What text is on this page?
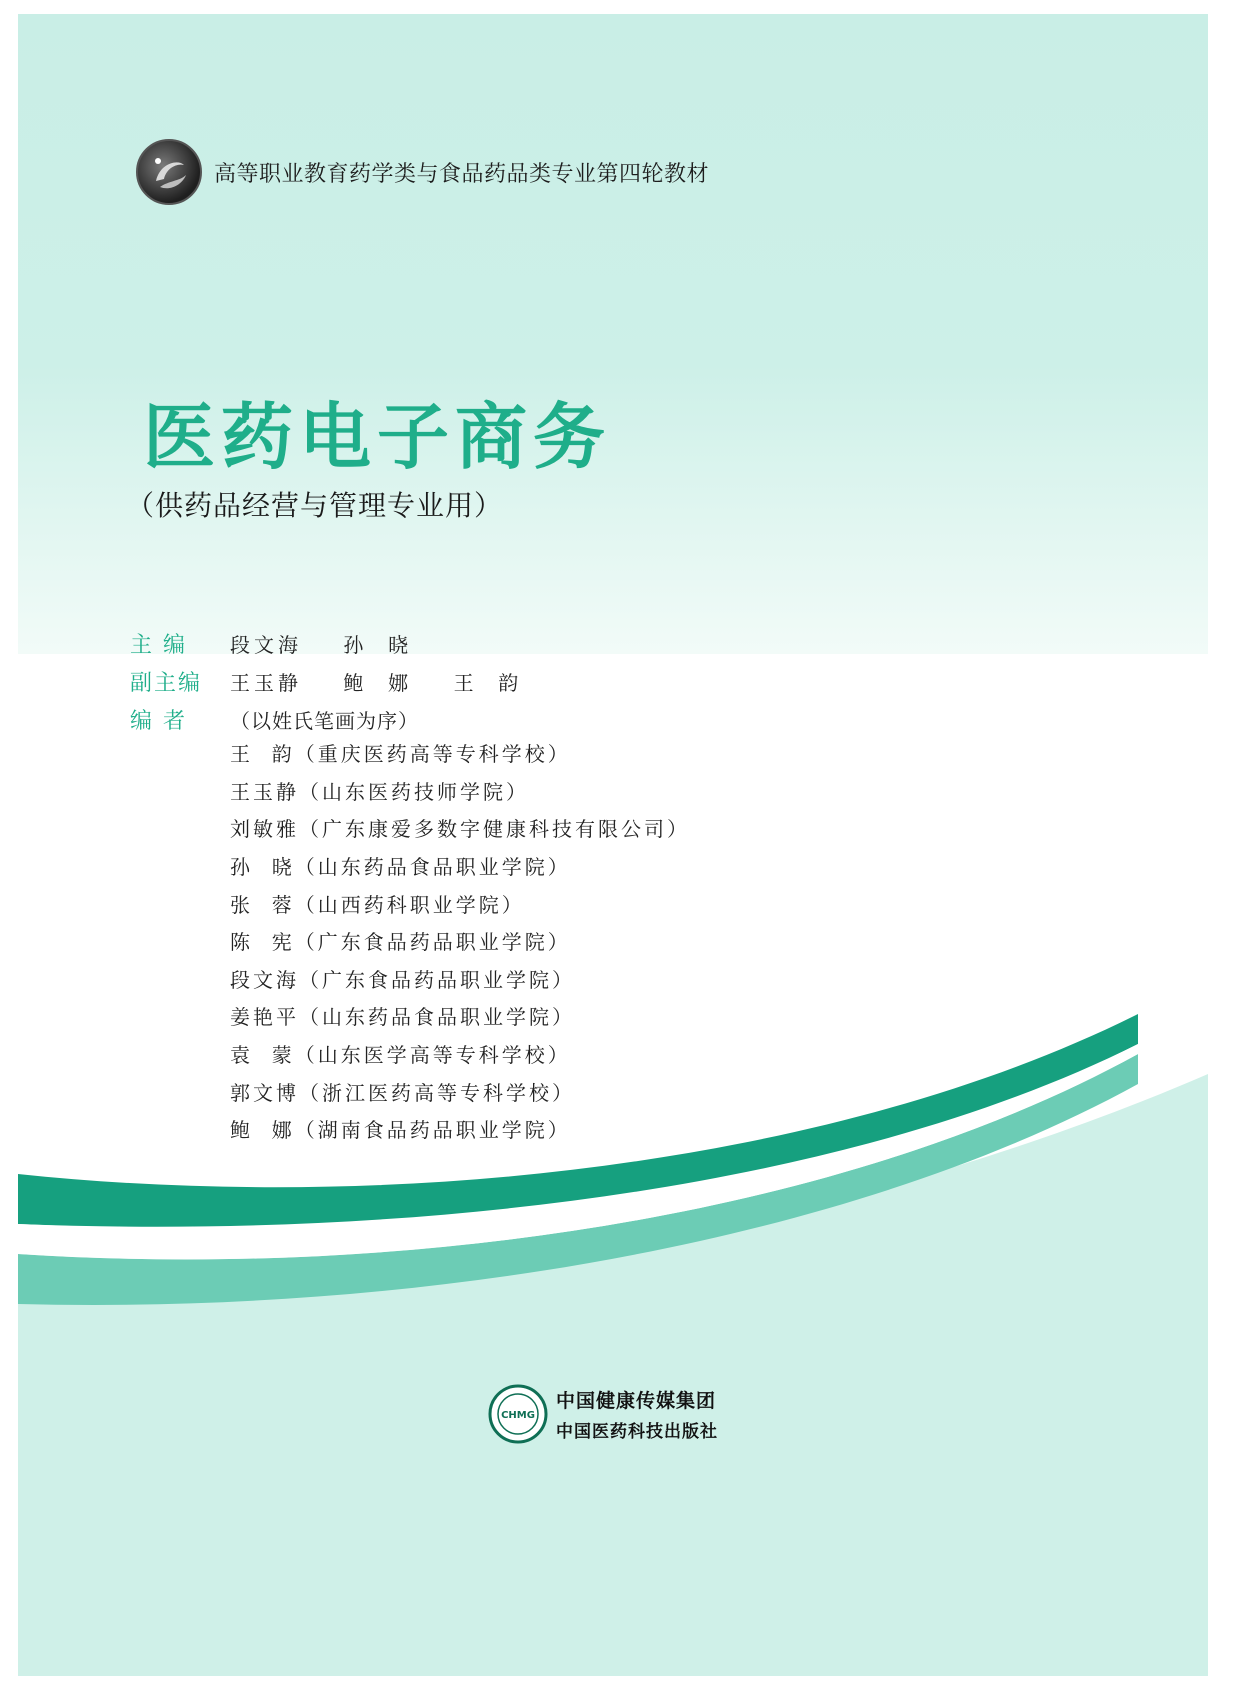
高等职业教育药学类与食品药品类专业第四轮教材
医药电子商务
（供药品经营与管理专业用）
主 编	段文海    孙  晓
副主编	王玉静    鲍  娜    王  韵
编 者	（以姓氏笔画为序）
王  韵（重庆医药高等专科学校）
王玉静（山东医药技师学院）
刘敏雅（广东康爱多数字健康科技有限公司）
孙  晓（山东药品食品职业学院）
张  蓉（山西药科职业学院）
陈  宪（广东食品药品职业学院）
段文海（广东食品药品职业学院）
姜艳平（山东药品食品职业学院）
袁  蒙（山东医学高等专科学校）
郭文博（浙江医药高等专科学校）
鲍  娜（湖南食品药品职业学院）
CHMG
中国健康传媒集团
中国医药科技出版社
